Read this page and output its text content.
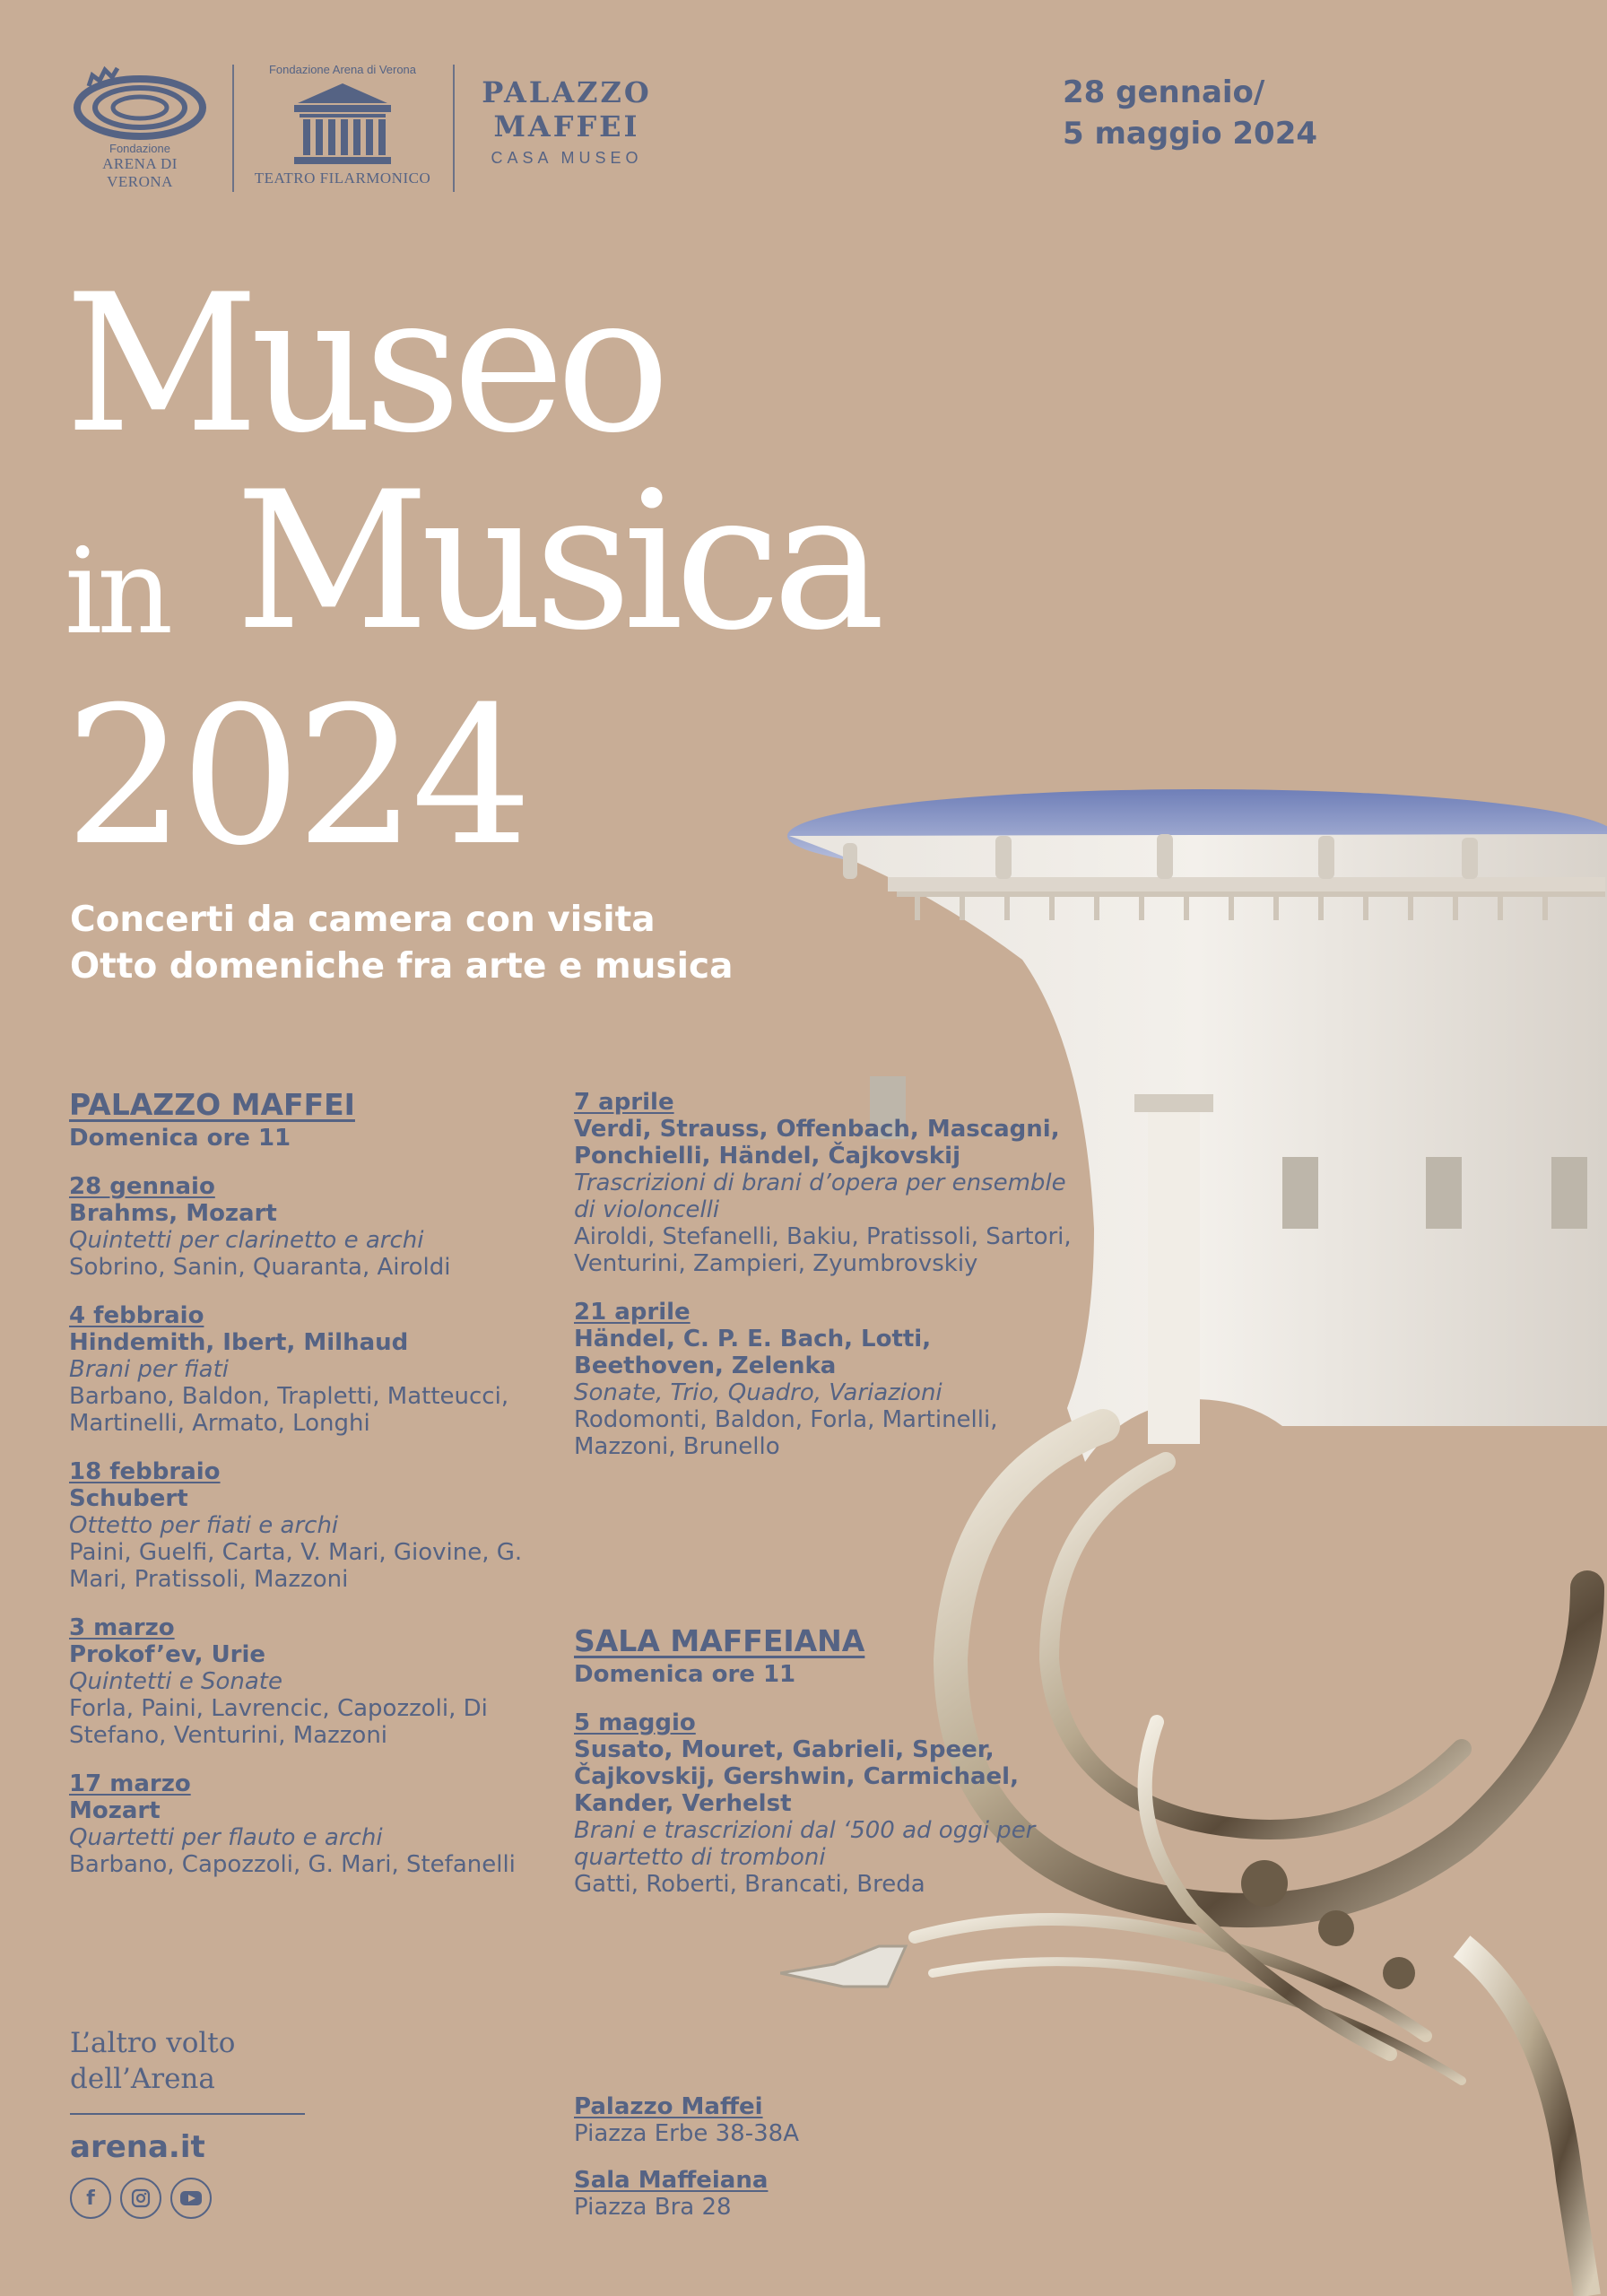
Fondazione
ARENA DI VERONA
Fondazione Arena di Verona
TEATRO FILARMONICO
PALAZZO
MAFFEI
CASA MUSEO
28 gennaio/
5 maggio 2024
Museo
in Musica
2024
Concerti da camera con visita
Otto domeniche fra arte e musica
PALAZZO MAFFEI
Domenica ore 11
28 gennaio
Brahms, Mozart
Quintetti per clarinetto e archi
Sobrino, Sanin, Quaranta, Airoldi
4 febbraio
Hindemith, Ibert, Milhaud
Brani per fiati
Barbano, Baldon, Trapletti, Matteucci, Martinelli, Armato, Longhi
18 febbraio
Schubert
Ottetto per fiati e archi
Paini, Guelfi, Carta, V. Mari, Giovine, G. Mari, Pratissoli, Mazzoni
3 marzo
Prokof’ev, Urie
Quintetti e Sonate
Forla, Paini, Lavrencic, Capozzoli, Di Stefano, Venturini, Mazzoni
17 marzo
Mozart
Quartetti per flauto e archi
Barbano, Capozzoli, G. Mari, Stefanelli
7 aprile
Verdi, Strauss, Offenbach, Mascagni, Ponchielli, Händel, Čajkovskij
Trascrizioni di brani d’opera per ensemble di violoncelli
Airoldi, Stefanelli, Bakiu, Pratissoli, Sartori, Venturini, Zampieri, Zyumbrovskiy
21 aprile
Händel, C. P. E. Bach, Lotti, Beethoven, Zelenka
Sonate, Trio, Quadro, Variazioni
Rodomonti, Baldon, Forla, Martinelli, Mazzoni, Brunello
SALA MAFFEIANA
Domenica ore 11
5 maggio
Susato, Mouret, Gabrieli, Speer, Čajkovskij, Gershwin, Carmichael, Kander, Verhelst
Brani e trascrizioni dal ‘500 ad oggi per quartetto di tromboni
Gatti, Roberti, Brancati, Breda
L’altro volto
dell’Arena
arena.it
f
Palazzo Maffei
Piazza Erbe 38-38A
Sala Maffeiana
Piazza Bra 28
